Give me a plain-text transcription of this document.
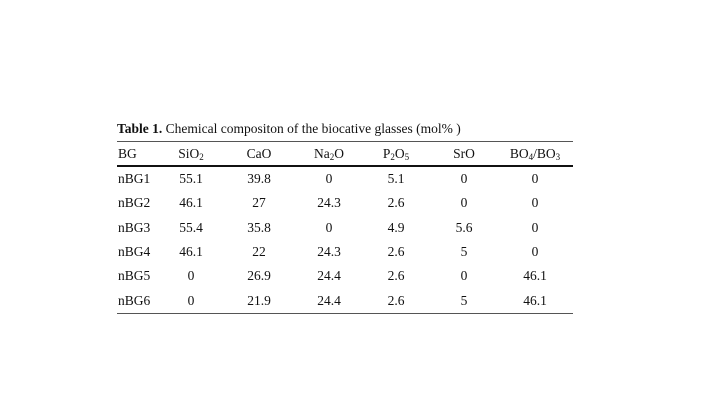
Table 1. Chemical compositon of the biocative glasses (mol% )
BG	SiO$_2$	CaO	$Na_2O$	$P_2O_5$	SrO	$BO_4/BO_3$
nBG1	55.1	39.8	0	5.1	0	0
nBG2	46.1	27	24.3	2.6	0	0
nBG3	55.4	35.8	0	4.9	5.6	0
nBG4	46.1	22	24.3	2.6	5	0
nBG5	0	26.9	24.4	2.6	0	46.1
nBG6	0	21.9	24.4	2.6	5	46.1
